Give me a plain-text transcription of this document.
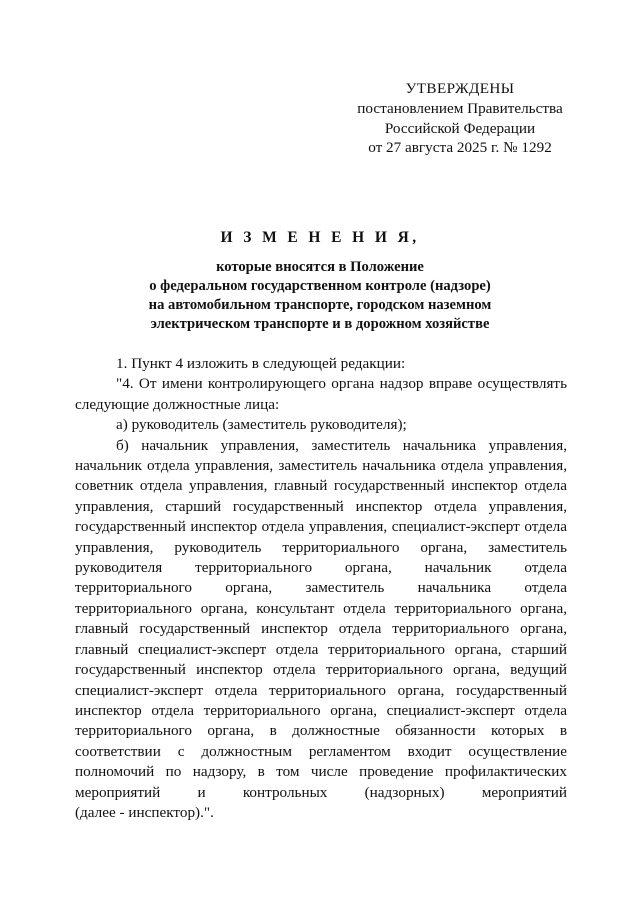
УТВЕРЖДЕНЫ
постановлением Правительства
Российской Федерации
от 27 августа 2025 г. № 1292
И З М Е Н Е Н И Я,
которые вносятся в Положение
о федеральном государственном контроле (надзоре)
на автомобильном транспорте, городском наземном
электрическом транспорте и в дорожном хозяйстве

1. Пункт 4 изложить в следующей редакции:

"4. От имени контролирующего органа надзор вправе осуществлять следующие должностные лица:

а) руководитель (заместитель руководителя);

б) начальник управления, заместитель начальника управления, начальник отдела управления, заместитель начальника отдела управления, советник отдела управления, главный государственный инспектор отдела управления, старший государственный инспектор отдела управления, государственный инспектор отдела управления, специалист-эксперт отдела управления, руководитель территориального органа, заместитель руководителя территориального органа, начальник отдела территориального органа, заместитель начальника отдела территориального органа, консультант отдела территориального органа, главный государственный инспектор отдела территориального органа, главный специалист-эксперт отдела территориального органа, старший государственный инспектор отдела территориального органа, ведущий специалист-эксперт отдела территориального органа, государственный инспектор отдела территориального органа, специалист-эксперт отдела территориального органа, в должностные обязанности которых в соответствии с должностным регламентом входит осуществление полномочий по надзору, в том числе проведение профилактических мероприятий и контрольных (надзорных) мероприятий

(далее - инспектор).".
